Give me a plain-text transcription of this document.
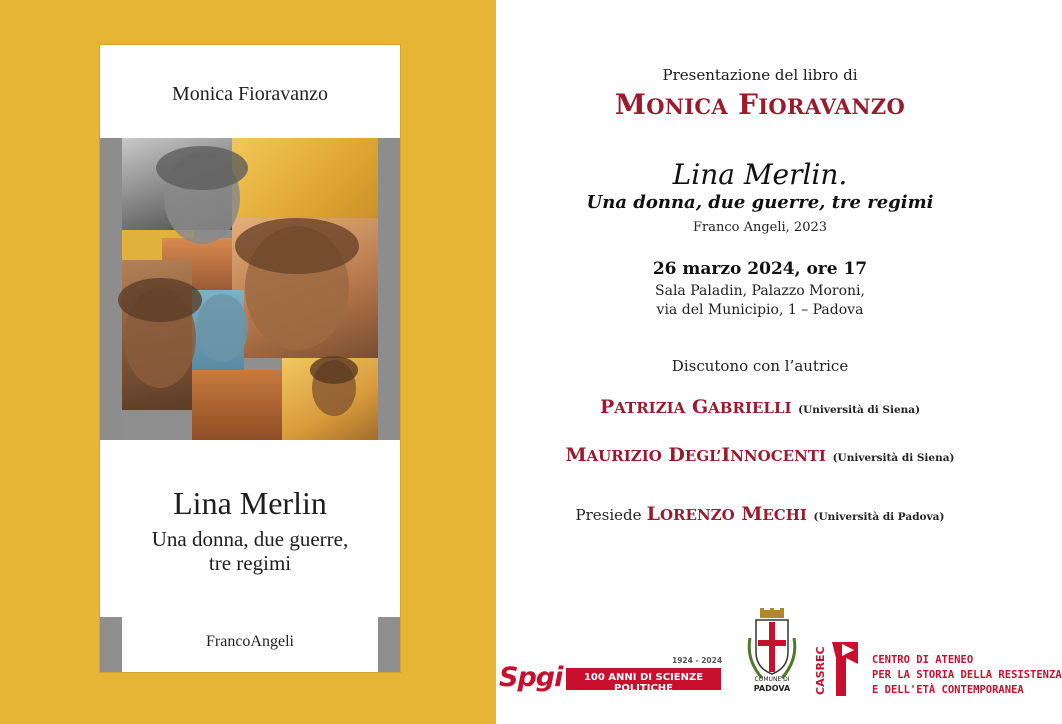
Monica Fioravanzo
Lina Merlin
Una donna, due guerre,
tre regimi
FrancoAngeli
Presentazione del libro di
MONICA FIORAVANZO
Lina Merlin.
Una donna, due guerre, tre regimi
Franco Angeli, 2023
26 marzo 2024, ore 17
Sala Paladin, Palazzo Moroni,
via del Municipio, 1 – Padova
Discutono con l’autrice
PATRIZIA GABRIELLI (Università di Siena)
MAURIZIO DEGL’INNOCENTI (Università di Siena)
Presiede LORENZO MECHI (Università di Padova)
Spgi
1924 - 2024
100 ANNI DI SCIENZE POLITICHE
COMUNE DI
PADOVA	CASREC	CENTRO DI ATENEO
PER LA STORIA DELLA RESISTENZA
E DELL'ETÀ CONTEMPORANEA
